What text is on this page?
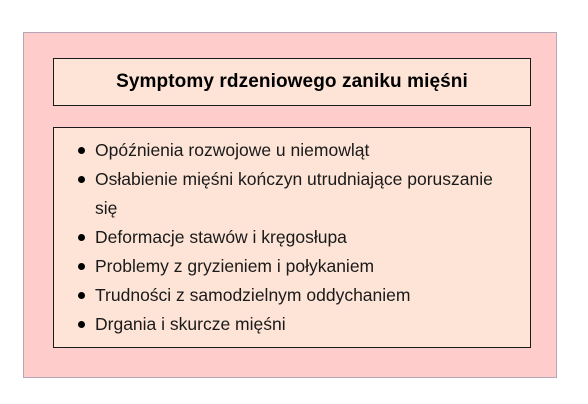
Symptomy rdzeniowego zaniku mięśni
Opóźnienia rozwojowe u niemowląt
Osłabienie mięśni kończyn utrudniające poruszanie się
Deformacje stawów i kręgosłupa
Problemy z gryzieniem i połykaniem
Trudności z samodzielnym oddychaniem
Drgania i skurcze mięśni
